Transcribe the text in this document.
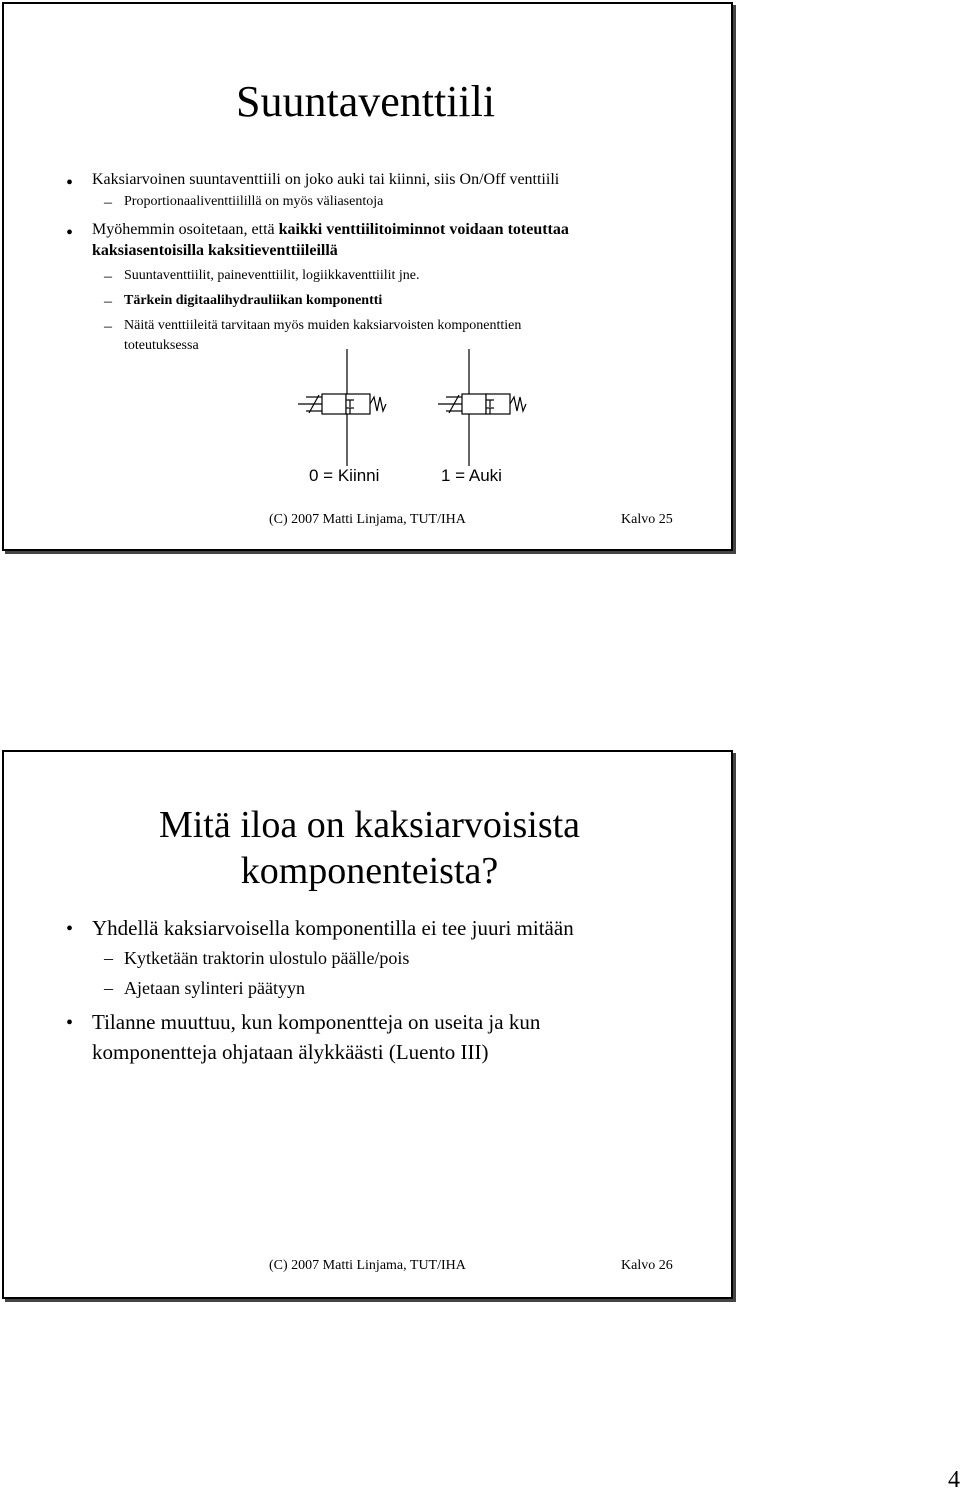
Suuntaventtiili
• Kaksiarvoinen suuntaventtiili on joko auki tai kiinni, siis On/Off venttiili
– Proportionaaliventtiilillä on myös väliasentoja
• Myöhemmin osoitetaan, että kaikki venttiilitoiminnot voidaan toteuttaa
kaksiasentoisilla kaksitieventtiileillä
– Suuntaventtiilit, paineventtiilit, logiikkaventtiilit jne.
– Tärkein digitaalihydrauliikan komponentti
– Näitä venttiileitä tarvitaan myös muiden kaksiarvoisten komponenttien
toteutuksessa
0 = Kiinni	1 = Auki
(C) 2007 Matti Linjama, TUT/IHA	Kalvo 25
Mitä iloa on kaksiarvoisista
komponenteista?
• Yhdellä kaksiarvoisella komponentilla ei tee juuri mitään
– Kytketään traktorin ulostulo päälle/pois
– Ajetaan sylinteri päätyyn
• Tilanne muuttuu, kun komponentteja on useita ja kun
komponentteja ohjataan älykkäästi (Luento III)
(C) 2007 Matti Linjama, TUT/IHA	Kalvo 26
4
